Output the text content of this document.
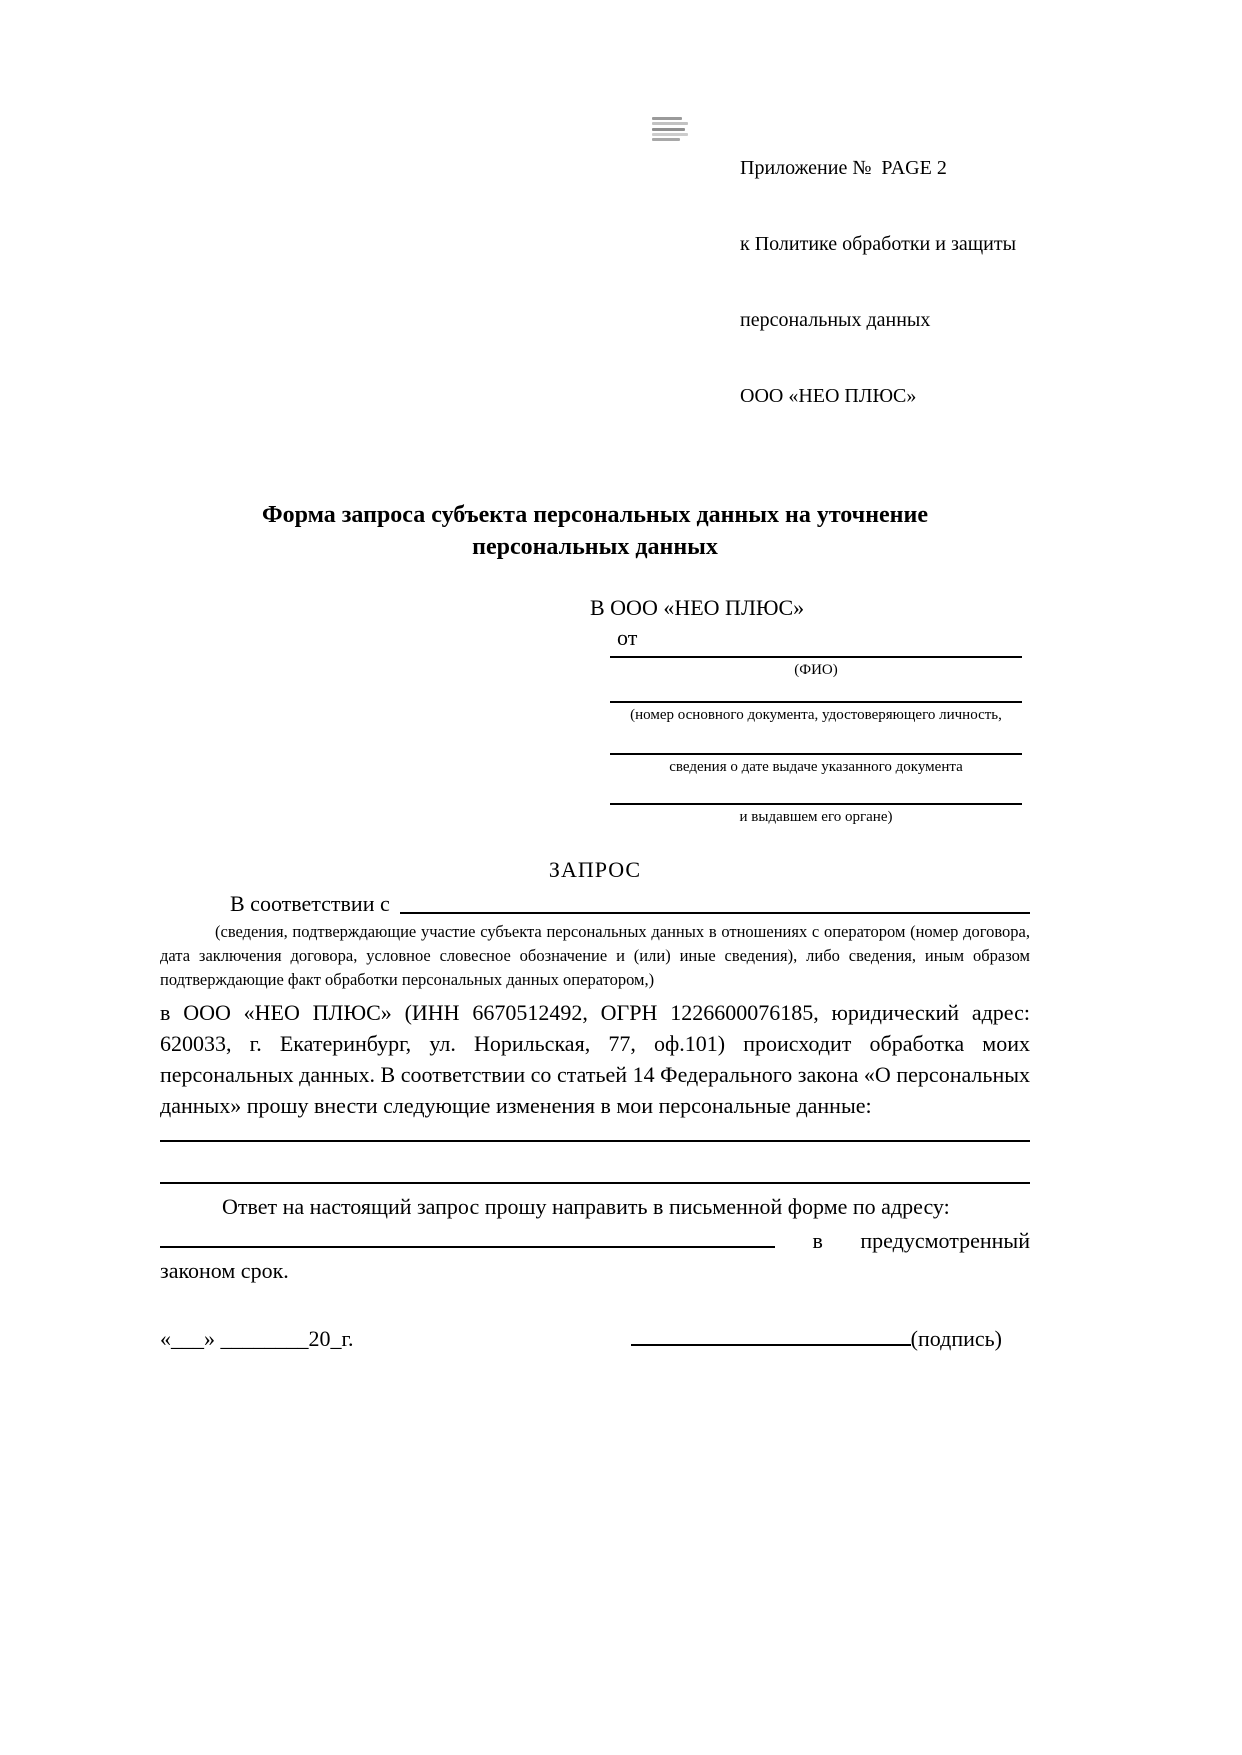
Приложение №  PAGE 2

к Политике обработки и защиты

персональных данных

ООО «НЕО ПЛЮС»

Форма запроса субъекта персональных данных на уточнение персональных данных
В ООО «НЕО ПЛЮС»
от
(ФИО)
(номер основного документа, удостоверяющего личность,
сведения о дате выдаче указанного документа
и выдавшем его органе)
ЗАПРОС
В соответствии с

(сведения, подтверждающие участие субъекта персональных данных в отношениях с оператором (номер договора, дата заключения договора, условное словесное обозначение и (или) иные сведения), либо сведения, иным образом подтверждающие факт обработки персональных данных оператором,)

в ООО «НЕО ПЛЮС» (ИНН 6670512492, ОГРН 1226600076185, юридический адрес: 620033, г. Екатеринбург, ул. Норильская, 77, оф.101) происходит обработка моих персональных данных. В соответствии со статьей 14 Федерального закона «О персональных данных» прошу внести следующие изменения в мои персональные данные:

Ответ на настоящий запрос прошу направить в письменной форме по адресу:

в предусмотренный

законом срок.

«___» ________20_г.	(подпись)
